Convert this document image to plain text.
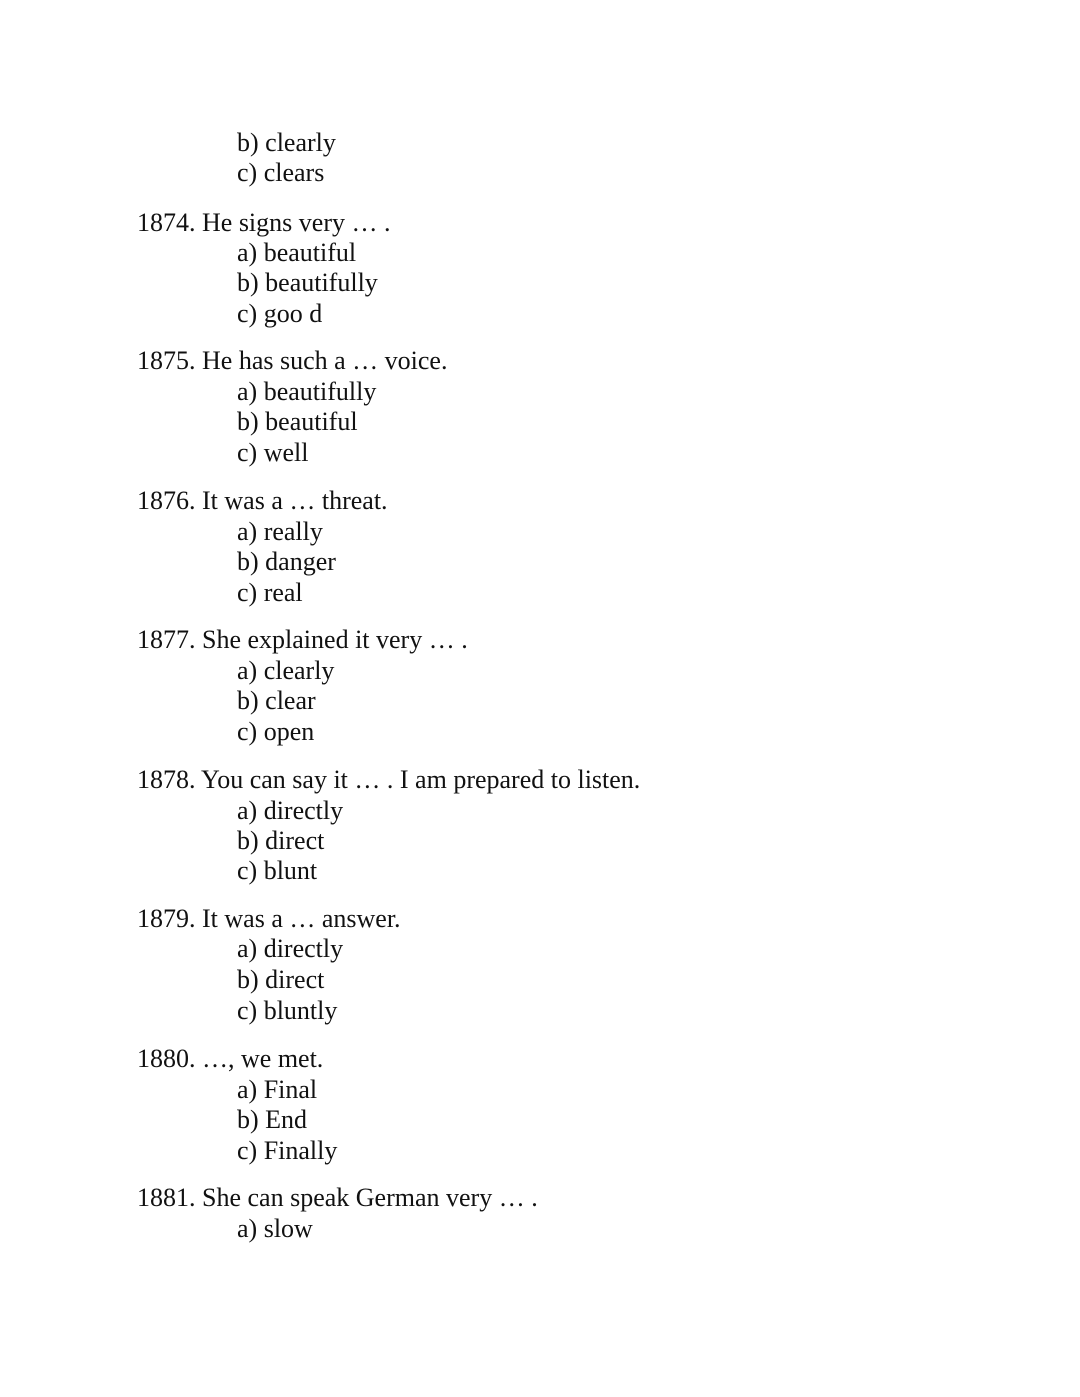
b) clearly
c) clears
1874. He signs very … .
a) beautiful
b) beautifully
c) goo d
1875. He has such a … voice.
a) beautifully
b) beautiful
c) well
1876. It was a … threat.
a) really
b) danger
c) real
1877. She explained it very … .
a) clearly
b) clear
c) open
1878. You can say it … . I am prepared to listen.
a) directly
b) direct
c) blunt
1879. It was a … answer.
a) directly
b) direct
c) bluntly
1880. …, we met.
a) Final
b) End
c) Finally
1881. She can speak German very … .
a) slow
